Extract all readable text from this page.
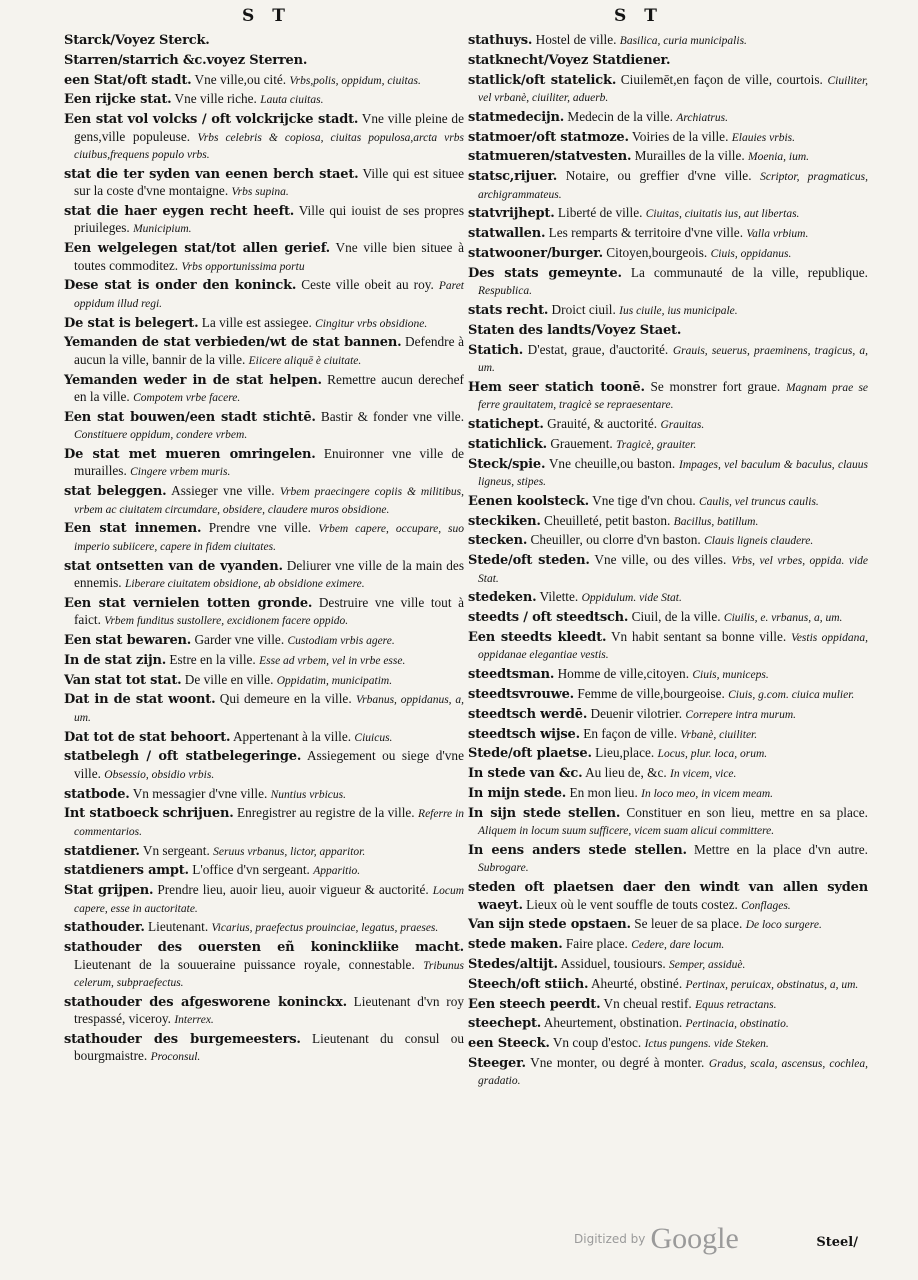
S T	S T

Starck/Voyez Sterck.

Starren/starrich &c.voyez Sterren.

een Stat/oft stadt. Vne ville,ou cité. Vrbs,polis, oppidum, ciuitas.

Een rijcke stat. Vne ville riche. Lauta ciuitas.

Een stat vol volcks / oft volckrijcke stadt. Vne ville pleine de gens,ville populeuse. Vrbs celebris & copiosa, ciuitas populosa,arcta vrbs ciuibus,frequens populo vrbs.

stat die ter syden van eenen berch staet. Ville qui est situee sur la coste d'vne montaigne. Vrbs supina.

stat die haer eygen recht heeft. Ville qui iouist de ses propres priuileges. Municipium.

Een welgelegen stat/tot allen gerief. Vne ville bien situee à toutes commoditez. Vrbs opportunissima portu

Dese stat is onder den koninck. Ceste ville obeit au roy. Paret oppidum illud regi.

De stat is belegert. La ville est assiegee. Cingitur vrbs obsidione.

Yemanden de stat verbieden/wt de stat bannen. Defendre à aucun la ville, bannir de la ville. Eiicere aliquē è ciuitate.

Yemanden weder in de stat helpen. Remettre aucun derechef en la ville. Compotem vrbe facere.

Een stat bouwen/een stadt stichtē. Bastir & fonder vne ville. Constituere oppidum, condere vrbem.

De stat met mueren omringelen. Enuironner vne ville de murailles. Cingere vrbem muris.

stat beleggen. Assieger vne ville. Vrbem praecingere copiis & militibus, vrbem ac ciuitatem circumdare, obsidere, claudere muros obsidione.

Een stat innemen. Prendre vne ville. Vrbem capere, occupare, suo imperio subiicere, capere in fidem ciuitates.

stat ontsetten van de vyanden. Deliurer vne ville de la main des ennemis. Liberare ciuitatem obsidione, ab obsidione eximere.

Een stat vernielen totten gronde. Destruire vne ville tout à faict. Vrbem funditus sustollere, excidionem facere oppido.

Een stat bewaren. Garder vne ville. Custodiam vrbis agere.

In de stat zijn. Estre en la ville. Esse ad vrbem, vel in vrbe esse.

Van stat tot stat. De ville en ville. Oppidatim, municipatim.

Dat in de stat woont. Qui demeure en la ville. Vrbanus, oppidanus, a, um.

Dat tot de stat behoort. Appertenant à la ville. Ciuicus.

statbelegh / oft statbelegeringe. Assiegement ou siege d'vne ville. Obsessio, obsidio vrbis.

statbode. Vn messagier d'vne ville. Nuntius vrbicus.

Int statboeck schrijuen. Enregistrer au registre de la ville. Referre in commentarios.

statdiener. Vn sergeant. Seruus vrbanus, lictor, apparitor.

statdieners ampt. L'office d'vn sergeant. Apparitio.

Stat grijpen. Prendre lieu, auoir lieu, auoir vigueur & auctorité. Locum capere, esse in auctoritate.

stathouder. Lieutenant. Vicarius, praefectus prouinciae, legatus, praeses.

stathouder des ouersten eñ koninckliike macht. Lieutenant de la souueraine puissance royale, connestable. Tribunus celerum, subpraefectus.

stathouder des afgesworene koninckx. Lieutenant d'vn roy trespassé, viceroy. Interrex.

stathouder des burgemeesters. Lieutenant du consul ou bourgmaistre. Proconsul.

stathuys. Hostel de ville. Basilica, curia municipalis.

statknecht/Voyez Statdiener.

statlick/oft statelick. Ciuilemēt,en façon de ville, courtois. Ciuiliter, vel vrbanè, ciuiliter, aduerb.

statmedecijn. Medecin de la ville. Archiatrus.

statmoer/oft statmoze. Voiries de la ville. Elauies vrbis.

statmueren/statvesten. Murailles de la ville. Moenia, ium.

statsc,rijuer. Notaire, ou greffier d'vne ville. Scriptor, pragmaticus, archigrammateus.

statvrijhept. Liberté de ville. Ciuitas, ciuitatis ius, aut libertas.

statwallen. Les remparts & territoire d'vne ville. Valla vrbium.

statwooner/burger. Citoyen,bourgeois. Ciuis, oppidanus.

Des stats gemeynte. La communauté de la ville, republique. Respublica.

stats recht. Droict ciuil. Ius ciuile, ius municipale.

Staten des landts/Voyez Staet.

Statich. D'estat, graue, d'auctorité. Grauis, seuerus, praeminens, tragicus, a, um.

Hem seer statich toonē. Se monstrer fort graue. Magnam prae se ferre grauitatem, tragicè se repraesentare.

statichept. Grauité, & auctorité. Grauitas.

statichlick. Grauement. Tragicè, grauiter.

Steck/spie. Vne cheuille,ou baston. Impages, vel baculum & baculus, clauus ligneus, stipes.

Eenen koolsteck. Vne tige d'vn chou. Caulis, vel truncus caulis.

steckiken. Cheuilleté, petit baston. Bacillus, batillum.

stecken. Cheuiller, ou clorre d'vn baston. Clauis ligneis claudere.

Stede/oft steden. Vne ville, ou des villes. Vrbs, vel vrbes, oppida. vide Stat.

stedeken. Vilette. Oppidulum. vide Stat.

steedts / oft steedtsch. Ciuil, de la ville. Ciuilis, e. vrbanus, a, um.

Een steedts kleedt. Vn habit sentant sa bonne ville. Vestis oppidana, oppidanae elegantiae vestis.

steedtsman. Homme de ville,citoyen. Ciuis, municeps.

steedtsvrouwe. Femme de ville,bourgeoise. Ciuis, g.com. ciuica mulier.

steedtsch werdē. Deuenir vilotrier. Correpere intra murum.

steedtsch wijse. En façon de ville. Vrbanè, ciuiliter.

Stede/oft plaetse. Lieu,place. Locus, plur. loca, orum.

In stede van &c. Au lieu de, &c. In vicem, vice.

In mijn stede. En mon lieu. In loco meo, in vicem meam.

In sijn stede stellen. Constituer en son lieu, mettre en sa place. Aliquem in locum suum sufficere, vicem suam alicui committere.

In eens anders stede stellen. Mettre en la place d'vn autre. Subrogare.

steden oft plaetsen daer den windt van allen syden waeyt. Lieux où le vent souffle de touts costez. Conflages.

Van sijn stede opstaen. Se leuer de sa place. De loco surgere.

stede maken. Faire place. Cedere, dare locum.

Stedes/altijt. Assiduel, tousiours. Semper, assiduè.

Steech/oft stiich. Aheurté, obstiné. Pertinax, peruicax, obstinatus, a, um.

Een steech peerdt. Vn cheual restif. Equus retractans.

steechept. Aheurtement, obstination. Pertinacia, obstinatio.

een Steeck. Vn coup d'estoc. Ictus pungens. vide Steken.

Steeger. Vne monter, ou degré à monter. Gradus, scala, ascensus, cochlea, gradatio.

Steel/
Digitized by Google
